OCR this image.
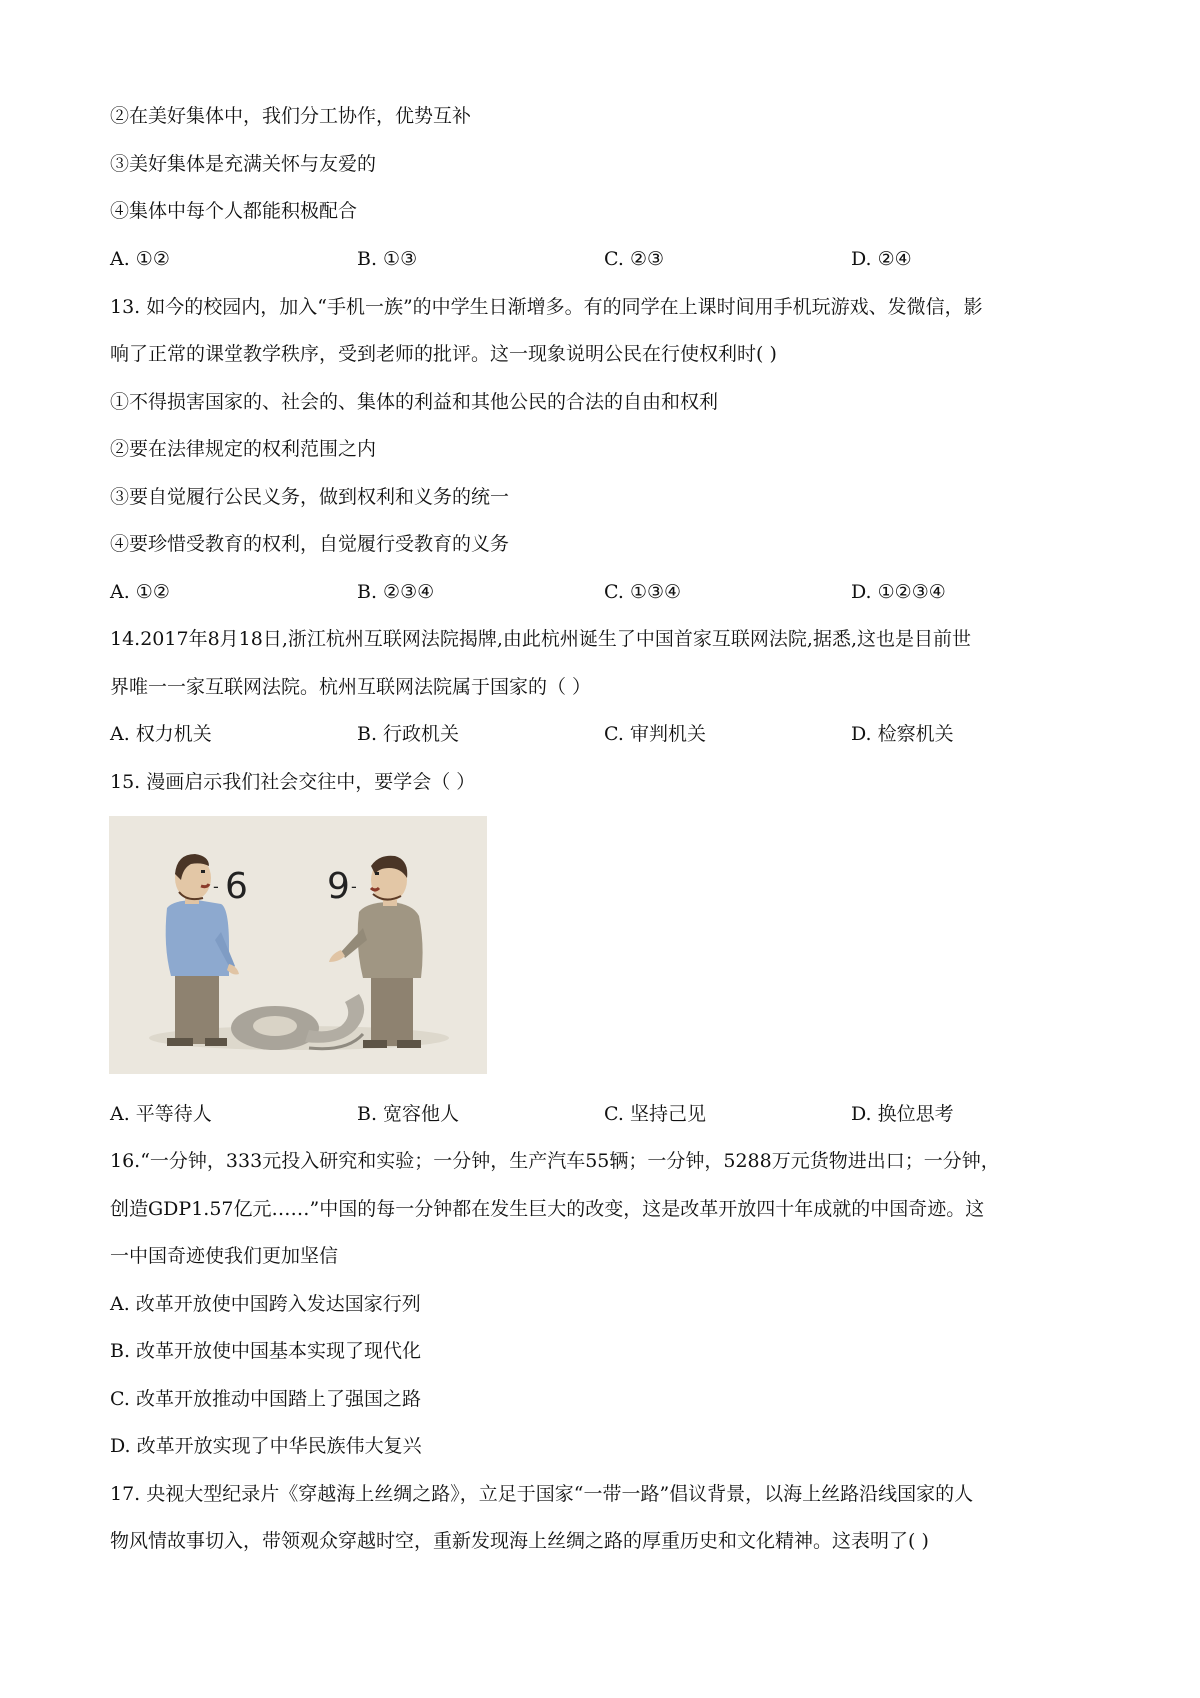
②在美好集体中，我们分工协作，优势互补
③美好集体是充满关怀与友爱的
④集体中每个人都能积极配合
A. ①②	B. ①③	C. ②③	D. ②④
13. 如今的校园内，加入“手机一族”的中学生日渐增多。有的同学在上课时间用手机玩游戏、发微信，影
响了正常的课堂教学秩序，受到老师的批评。这一现象说明公民在行使权利时( )
①不得损害国家的、社会的、集体的利益和其他公民的合法的自由和权利
②要在法律规定的权利范围之内
③要自觉履行公民义务，做到权利和义务的统一
④要珍惜受教育的权利，自觉履行受教育的义务
A. ①②	B. ②③④	C. ①③④	D. ①②③④
14.2017年8月18日,浙江杭州互联网法院揭牌,由此杭州诞生了中国首家互联网法院,据悉,这也是目前世
界唯一一家互联网法院。杭州互联网法院属于国家的（ ）
A. 权力机关	B. 行政机关	C. 审判机关	D. 检察机关
15. 漫画启示我们社会交往中，要学会（ ）
- 6 9 -
A. 平等待人	B. 宽容他人	C. 坚持己见	D. 换位思考
16.“一分钟，333元投入研究和实验；一分钟，生产汽车55辆；一分钟，5288万元货物进出口；一分钟，
创造GDP1.57亿元……”中国的每一分钟都在发生巨大的改变，这是改革开放四十年成就的中国奇迹。这
一中国奇迹使我们更加坚信
A. 改革开放使中国跨入发达国家行列
B. 改革开放使中国基本实现了现代化
C. 改革开放推动中国踏上了强国之路
D. 改革开放实现了中华民族伟大复兴
17. 央视大型纪录片《穿越海上丝绸之路》，立足于国家“一带一路”倡议背景，以海上丝路沿线国家的人
物风情故事切入，带领观众穿越时空，重新发现海上丝绸之路的厚重历史和文化精神。这表明了( )
